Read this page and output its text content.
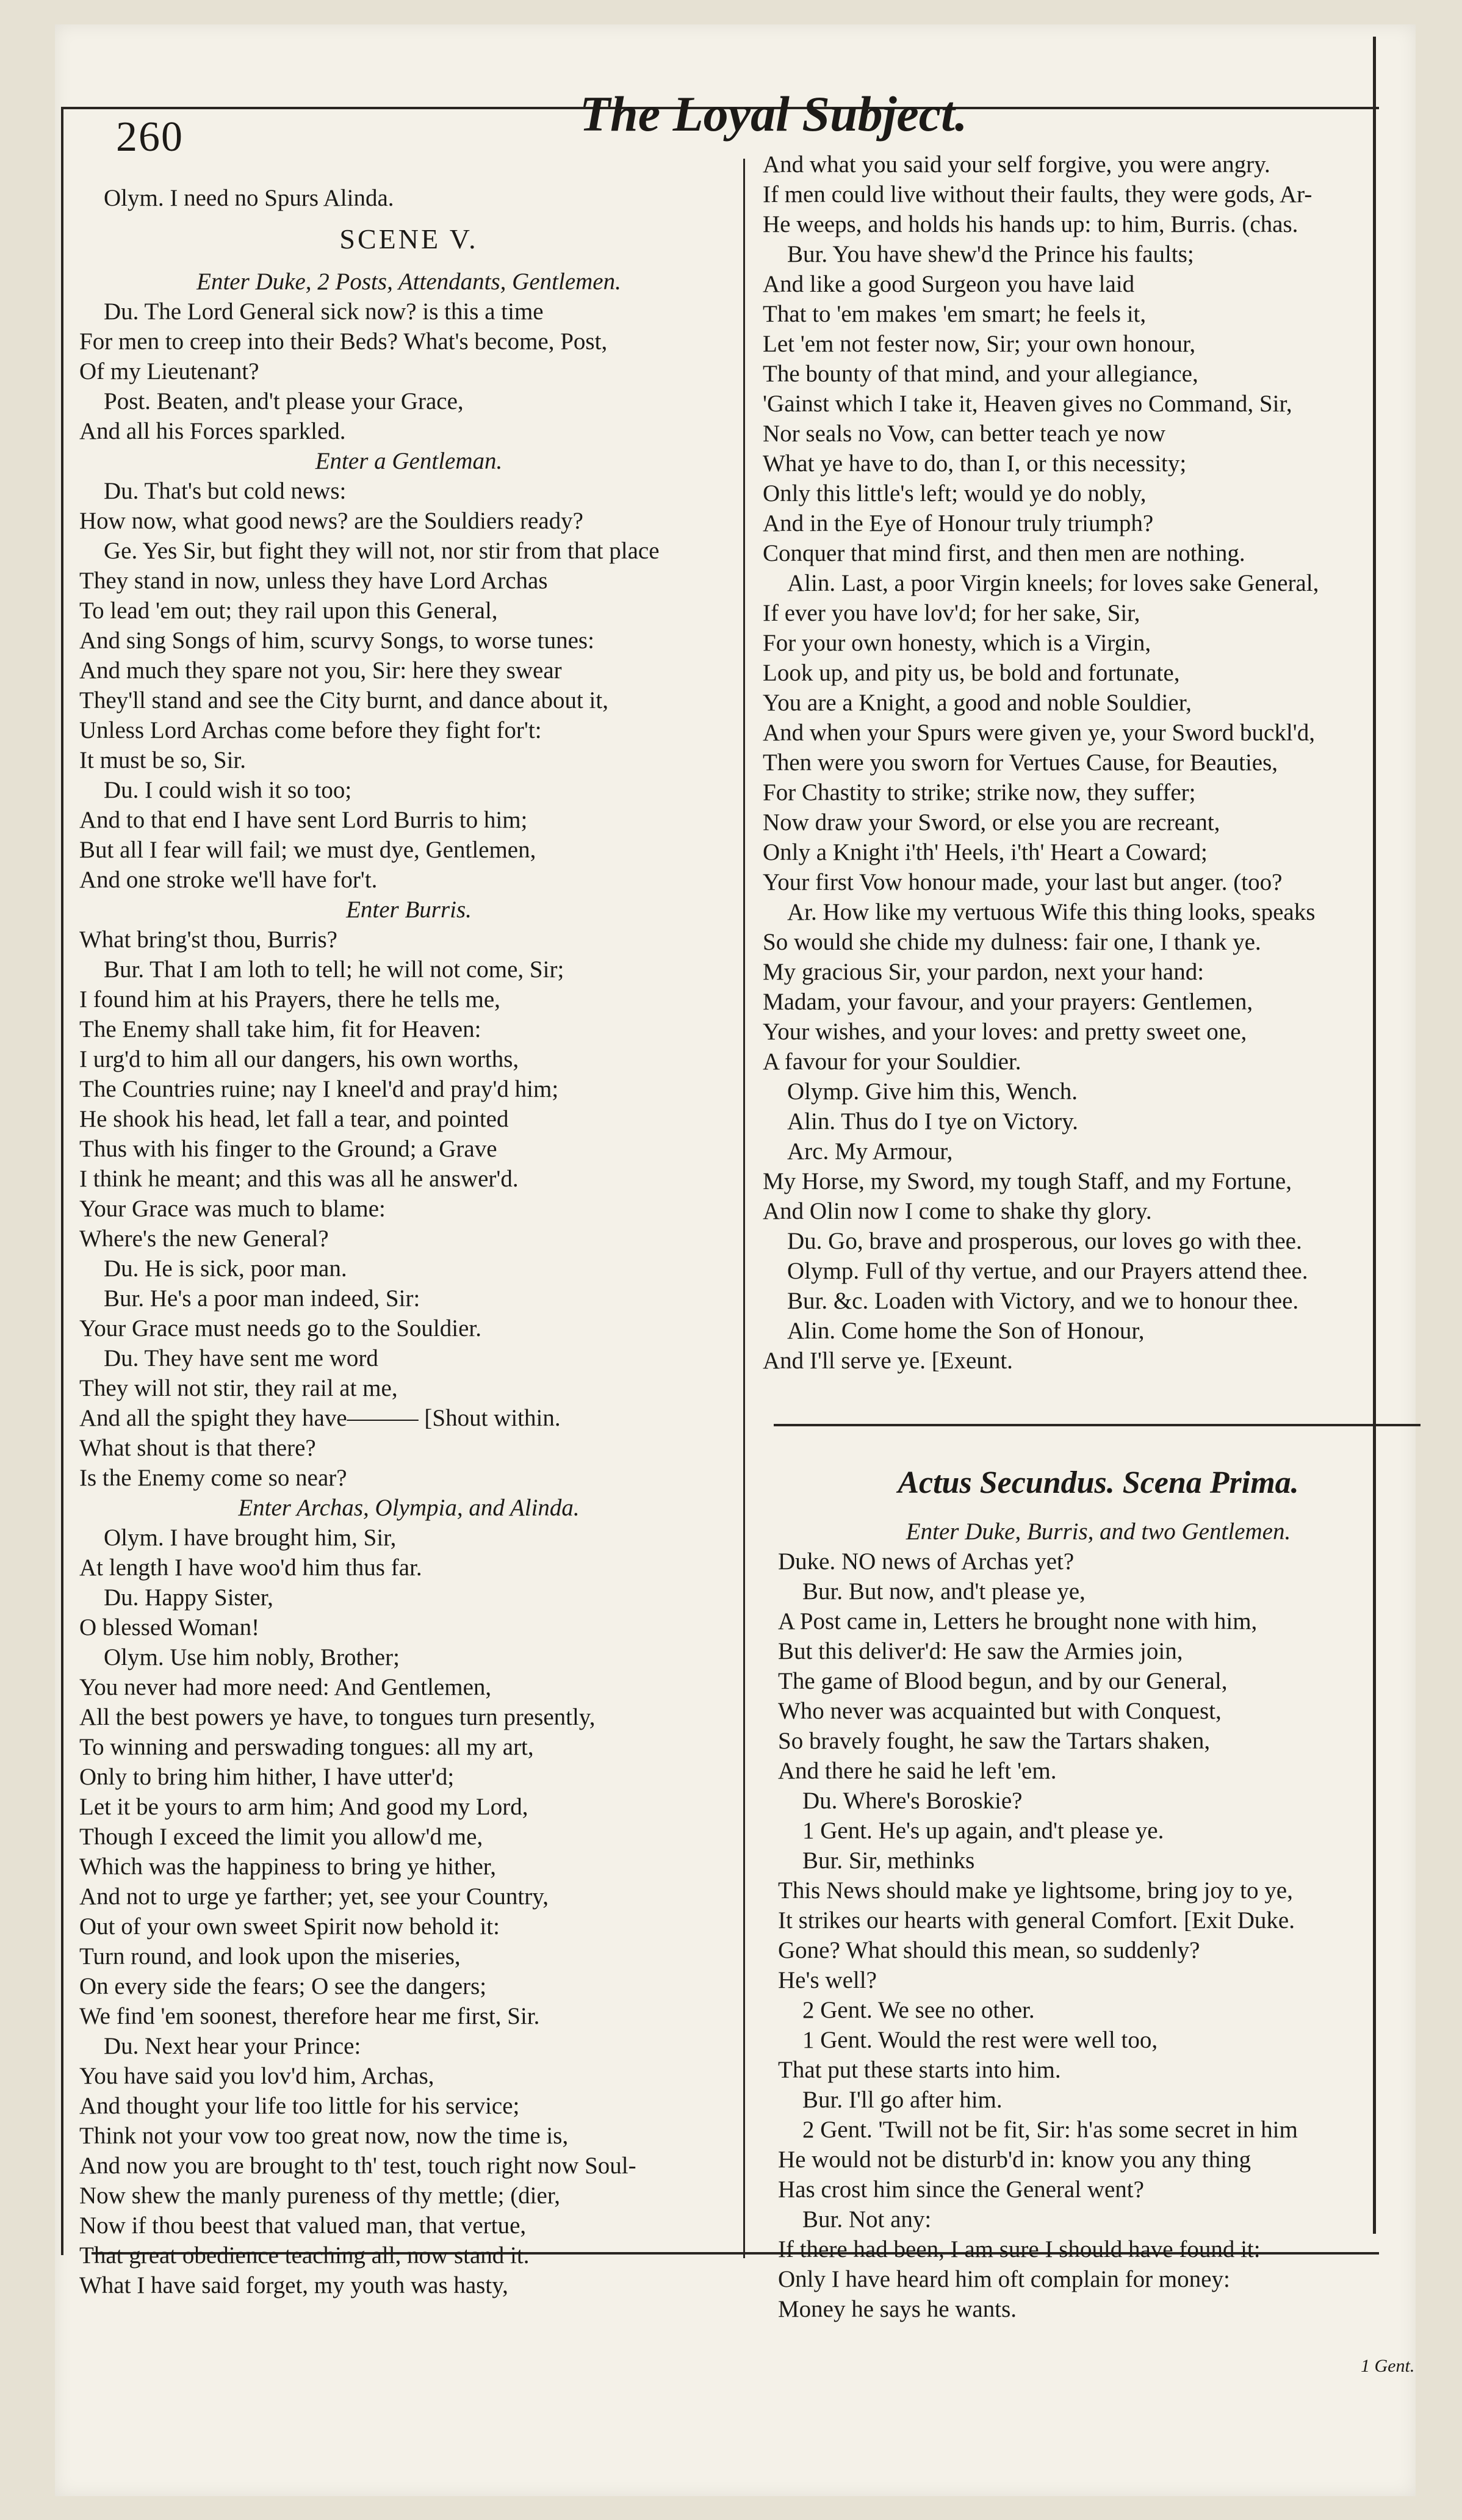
260	The Loyal Subject.
Olym. I need no Spurs Alinda.
SCENE V.
Enter Duke, 2 Posts, Attendants, Gentlemen.
Du. The Lord General sick now? is this a time
For men to creep into their Beds? What's become, Post,
Of my Lieutenant?
Post. Beaten, and't please your Grace,
And all his Forces sparkled.
Enter a Gentleman.
Du. That's but cold news:
How now, what good news? are the Souldiers ready?
Ge. Yes Sir, but fight they will not, nor stir from that place
They stand in now, unless they have Lord Archas
To lead 'em out; they rail upon this General,
And sing Songs of him, scurvy Songs, to worse tunes:
And much they spare not you, Sir: here they swear
They'll stand and see the City burnt, and dance about it,
Unless Lord Archas come before they fight for't:
It must be so, Sir.
Du. I could wish it so too;
And to that end I have sent Lord Burris to him;
But all I fear will fail; we must dye, Gentlemen,
And one stroke we'll have for't.
Enter Burris.
What bring'st thou, Burris?
Bur. That I am loth to tell; he will not come, Sir;
I found him at his Prayers, there he tells me,
The Enemy shall take him, fit for Heaven:
I urg'd to him all our dangers, his own worths,
The Countries ruine; nay I kneel'd and pray'd him;
He shook his head, let fall a tear, and pointed
Thus with his finger to the Ground; a Grave
I think he meant; and this was all he answer'd.
Your Grace was much to blame:
Where's the new General?
Du. He is sick, poor man.
Bur. He's a poor man indeed, Sir:
Your Grace must needs go to the Souldier.
Du. They have sent me word
They will not stir, they rail at me,
And all the spight they have——— [Shout within.
What shout is that there?
Is the Enemy come so near?
Enter Archas, Olympia, and Alinda.
Olym. I have brought him, Sir,
At length I have woo'd him thus far.
Du. Happy Sister,
O blessed Woman!
Olym. Use him nobly, Brother;
You never had more need: And Gentlemen,
All the best powers ye have, to tongues turn presently,
To winning and perswading tongues: all my art,
Only to bring him hither, I have utter'd;
Let it be yours to arm him; And good my Lord,
Though I exceed the limit you allow'd me,
Which was the happiness to bring ye hither,
And not to urge ye farther; yet, see your Country,
Out of your own sweet Spirit now behold it:
Turn round, and look upon the miseries,
On every side the fears; O see the dangers;
We find 'em soonest, therefore hear me first, Sir.
Du. Next hear your Prince:
You have said you lov'd him, Archas,
And thought your life too little for his service;
Think not your vow too great now, now the time is,
And now you are brought to th' test, touch right now Soul-
Now shew the manly pureness of thy mettle; (dier,
Now if thou beest that valued man, that vertue,
That great obedience teaching all, now stand it.
What I have said forget, my youth was hasty,
And what you said your self forgive, you were angry.
If men could live without their faults, they were gods, Ar-
He weeps, and holds his hands up: to him, Burris. (chas.
Bur. You have shew'd the Prince his faults;
And like a good Surgeon you have laid
That to 'em makes 'em smart; he feels it,
Let 'em not fester now, Sir; your own honour,
The bounty of that mind, and your allegiance,
'Gainst which I take it, Heaven gives no Command, Sir,
Nor seals no Vow, can better teach ye now
What ye have to do, than I, or this necessity;
Only this little's left; would ye do nobly,
And in the Eye of Honour truly triumph?
Conquer that mind first, and then men are nothing.
Alin. Last, a poor Virgin kneels; for loves sake General,
If ever you have lov'd; for her sake, Sir,
For your own honesty, which is a Virgin,
Look up, and pity us, be bold and fortunate,
You are a Knight, a good and noble Souldier,
And when your Spurs were given ye, your Sword buckl'd,
Then were you sworn for Vertues Cause, for Beauties,
For Chastity to strike; strike now, they suffer;
Now draw your Sword, or else you are recreant,
Only a Knight i'th' Heels, i'th' Heart a Coward;
Your first Vow honour made, your last but anger. (too?
Ar. How like my vertuous Wife this thing looks, speaks
So would she chide my dulness: fair one, I thank ye.
My gracious Sir, your pardon, next your hand:
Madam, your favour, and your prayers: Gentlemen,
Your wishes, and your loves: and pretty sweet one,
A favour for your Souldier.
Olymp. Give him this, Wench.
Alin. Thus do I tye on Victory.
Arc. My Armour,
My Horse, my Sword, my tough Staff, and my Fortune,
And Olin now I come to shake thy glory.
Du. Go, brave and prosperous, our loves go with thee.
Olymp. Full of thy vertue, and our Prayers attend thee.
Bur. &c. Loaden with Victory, and we to honour thee.
Alin. Come home the Son of Honour,
And I'll serve ye. [Exeunt.
Actus Secundus. Scena Prima.
Enter Duke, Burris, and two Gentlemen.
Duke. NO news of Archas yet?
Bur. But now, and't please ye,
A Post came in, Letters he brought none with him,
But this deliver'd: He saw the Armies join,
The game of Blood begun, and by our General,
Who never was acquainted but with Conquest,
So bravely fought, he saw the Tartars shaken,
And there he said he left 'em.
Du. Where's Boroskie?
1 Gent. He's up again, and't please ye.
Bur. Sir, methinks
This News should make ye lightsome, bring joy to ye,
It strikes our hearts with general Comfort. [Exit Duke.
Gone? What should this mean, so suddenly?
He's well?
2 Gent. We see no other.
1 Gent. Would the rest were well too,
That put these starts into him.
Bur. I'll go after him.
2 Gent. 'Twill not be fit, Sir: h'as some secret in him
He would not be disturb'd in: know you any thing
Has crost him since the General went?
Bur. Not any:
If there had been, I am sure I should have found it:
Only I have heard him oft complain for money:
Money he says he wants.
1 Gent.
